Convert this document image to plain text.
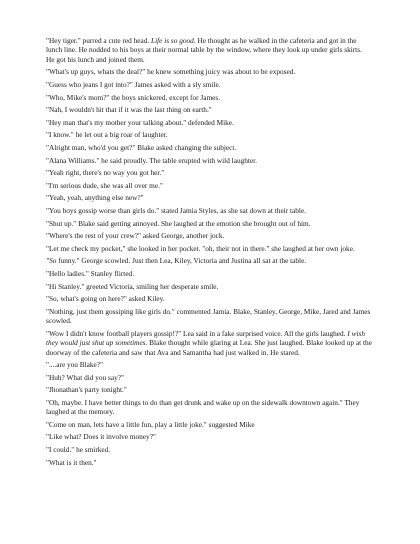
"Hey tiger." purred a cute red head. Life is so good. He thought as he walked in the cafeteria and got in the lunch line. He nodded to his boys at their normal table by the window, where they look up under girls skirts. He got his lunch and joined them.

"What's up guys, whats the deal?" he knew something juicy was about to be exposed.

"Guess who jeans I got into?" James asked with a sly smile.

"Who, Mike's mom?" the boys snickered, except for James.

"Nah, I wouldn't hit that if it was the last thing on earth."

"Hey man that's my mother your talking about." defended Mike.

"I know." he let out a big roar of laughter.

"Alright man, who'd you get?" Blake asked changing the subject.

"Alana Williams." he said proudly. The table erupted with wild laughter.

"Yeah right, there's no way you got her."

"I'm serious dude, she was all over me."

"Yeah, yeah, anything else new?"

"You boys gossip worse than girls do." stated Jamia Styles, as she sat down at their table.

"Shut up." Blake said getting annoyed. She laughed at the emotion she brought out of him.

"Where's the rest of your crew?" asked George, another jock.

"Let me check my pocket," she looked in her pocket. "oh, their not in there." she laughed at her own joke.

"So funny." George scowled. Just then Lea, Kiley, Victoria and Justina all sat at the table.

"Hello ladies." Stanley flirted.

"Hi Stanley." greeted Victoria, smiling her desperate smile.

"So, what's going on here?" asked Kiley.

"Nothing, just them gossiping like girls do." commented Jamia. Blake, Stanley, George, Mike, Jared and James scowled.

"Wow I didn't know football players gossip!?" Lea said in a fake surprised voice. All the girls laughed. I wish they would just shut up sometimes. Blake thought while glaring at Lea. She just laughed. Blake looked up at the doorway of the cafeteria and saw that Ava and Samantha had just walked in. He stared.

"....are you Blake?"

"Huh? What did you say?"

"Jhonathan's party tonight."

"Oh, maybe. I have better things to do than get drunk and wake up on the sidewalk downtown again." They laughed at the memory.

"Come on man, lets have a little fun, play a little joke." suggested Mike

"Like what? Does it involve money?"

"I could." he smirked.

"What is it then."
